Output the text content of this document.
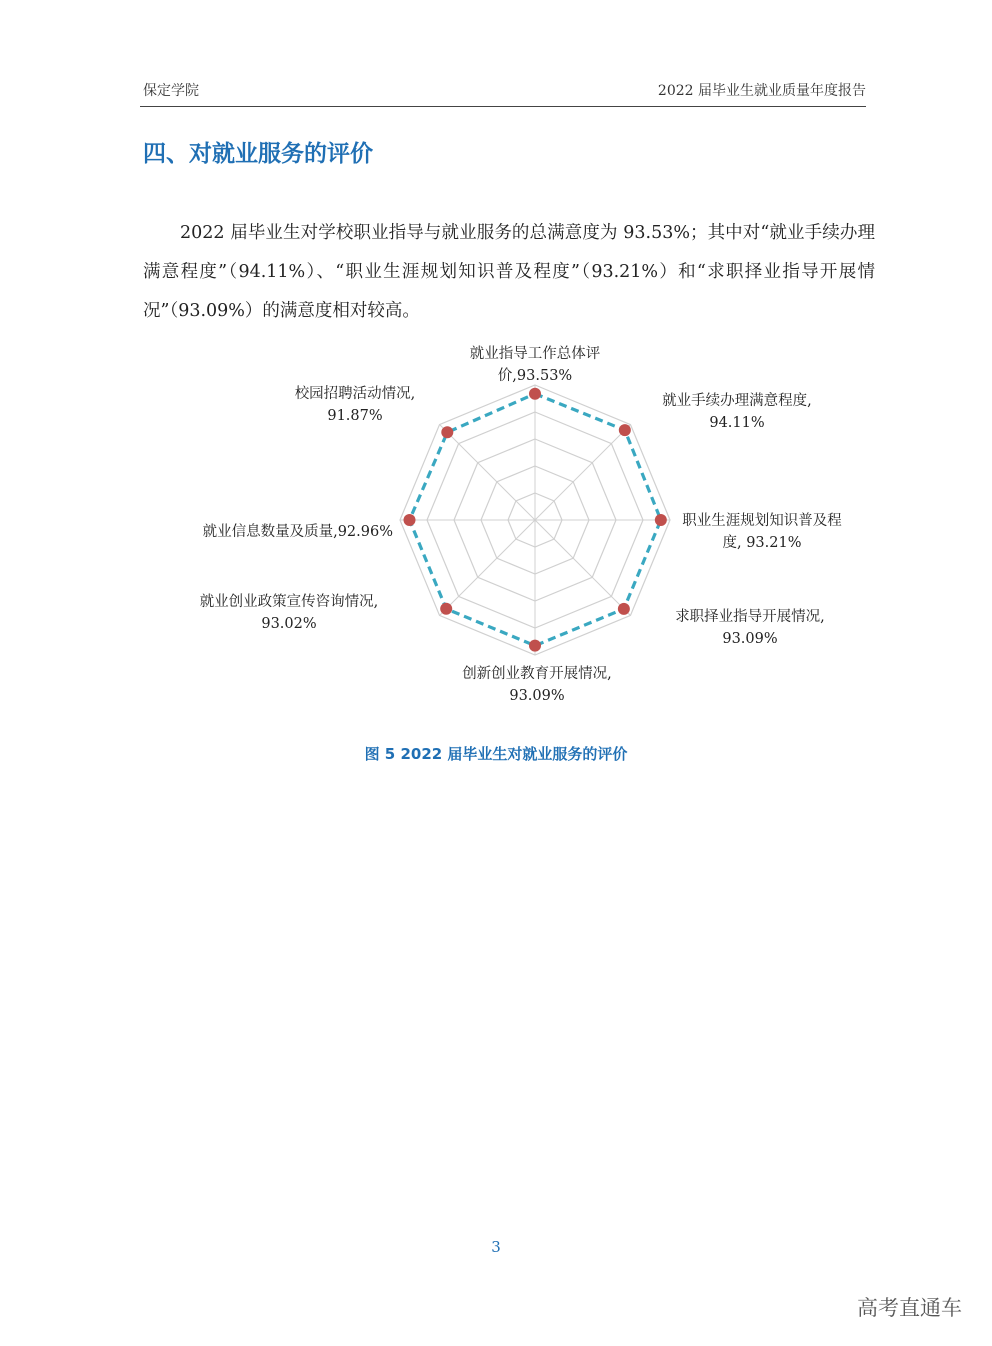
保定学院	2022 届毕业生就业质量年度报告
四、对就业服务的评价

2022 届毕业生对学校职业指导与就业服务的总满意度为 93.53%；其中对“就业手续办理满意程度”（94.11%）、“职业生涯规划知识普及程度”（93.21%）和“求职择业指导开展情况”（93.09%）的满意度相对较高。

就业指导工作总体评价,93.53%
就业手续办理满意程度, 94.11%
职业生涯规划知识普及程度, 93.21%
求职择业指导开展情况, 93.09%
创新创业教育开展情况, 93.09%
就业创业政策宣传咨询情况, 93.02%
就业信息数量及质量,92.96%
校园招聘活动情况, 91.87%
图 5 2022 届毕业生对就业服务的评价
3
高考直通车
